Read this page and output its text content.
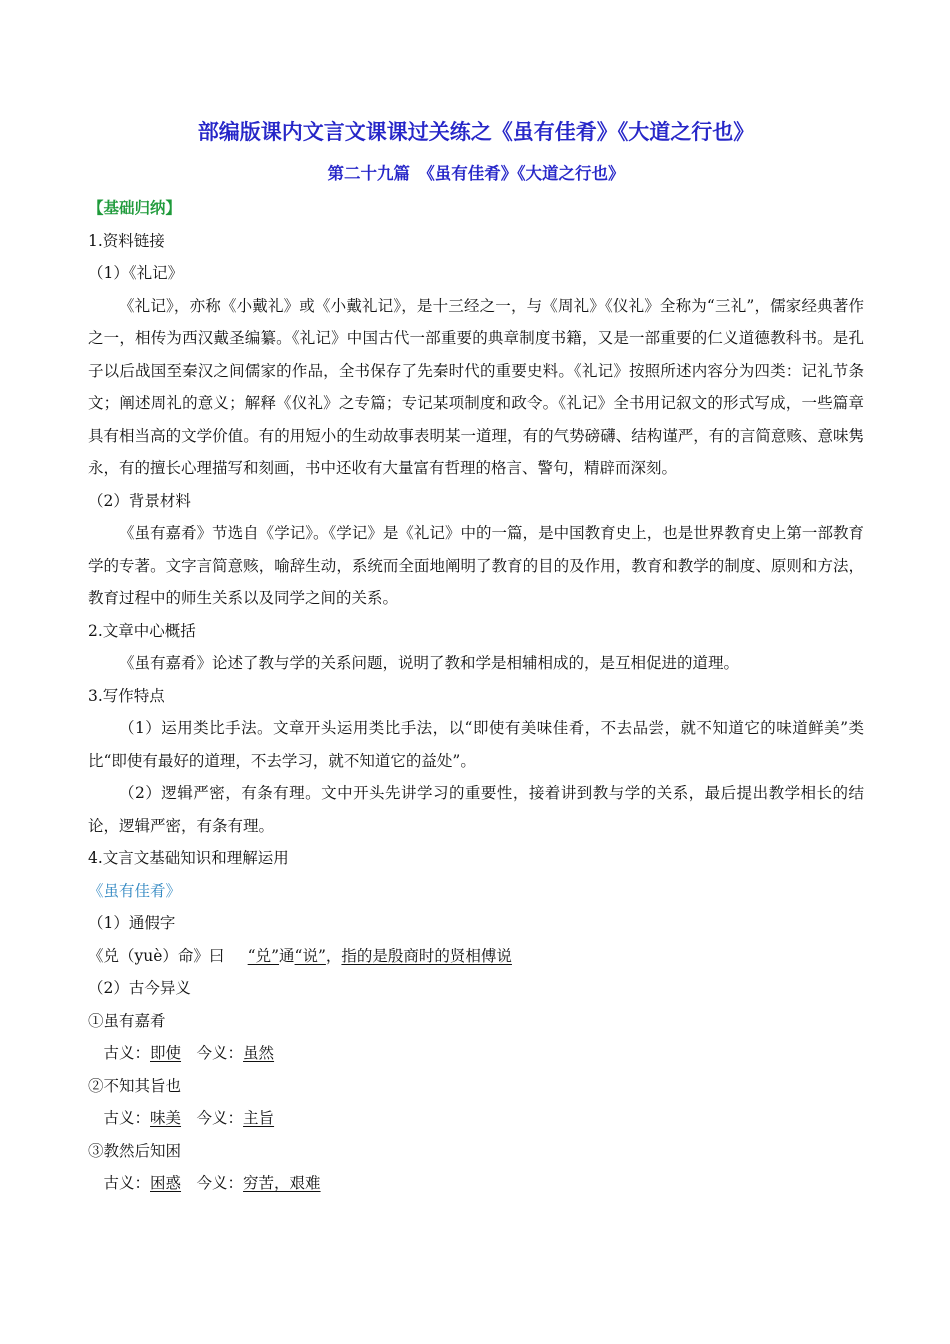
部编版课内文言文课课过关练之《虽有佳肴》《大道之行也》
第二十九篇　《虽有佳肴》《大道之行也》
【基础归纳】
1.资料链接
（1）《礼记》

《礼记》，亦称《小戴礼》或《小戴礼记》，是十三经之一，与《周礼》《仪礼》全称为“三礼”，儒家经典著作之一，相传为西汉戴圣编纂。《礼记》中国古代一部重要的典章制度书籍，又是一部重要的仁义道德教科书。是孔子以后战国至秦汉之间儒家的作品，全书保存了先秦时代的重要史料。《礼记》按照所述内容分为四类：记礼节条文；阐述周礼的意义；解释《仪礼》之专篇；专记某项制度和政令。《礼记》全书用记叙文的形式写成，一些篇章具有相当高的文学价值。有的用短小的生动故事表明某一道理，有的气势磅礴、结构谨严，有的言简意赅、意味隽永，有的擅长心理描写和刻画，书中还收有大量富有哲理的格言、警句，精辟而深刻。

（2）背景材料

《虽有嘉肴》节选自《学记》。《学记》是《礼记》中的一篇，是中国教育史上，也是世界教育史上第一部教育学的专著。文字言简意赅，喻辞生动，系统而全面地阐明了教育的目的及作用，教育和教学的制度、原则和方法，教育过程中的师生关系以及同学之间的关系。

2.文章中心概括

《虽有嘉肴》论述了教与学的关系问题，说明了教和学是相辅相成的，是互相促进的道理。

3.写作特点

（1）运用类比手法。文章开头运用类比手法，以“即使有美味佳肴，不去品尝，就不知道它的味道鲜美”类比“即使有最好的道理，不去学习，就不知道它的益处”。

（2）逻辑严密，有条有理。文中开头先讲学习的重要性，接着讲到教与学的关系，最后提出教学相长的结论，逻辑严密，有条有理。

4.文言文基础知识和理解运用
《虽有佳肴》
（1）通假字
《兑（yuè）命》曰 “兑”通“说”，指的是殷商时的贤相傅说
（2）古今异义
①虽有嘉肴
古义：即使 今义：虽然
②不知其旨也
古义：味美 今义：主旨
③教然后知困
古义：困惑 今义：穷苦，艰难
